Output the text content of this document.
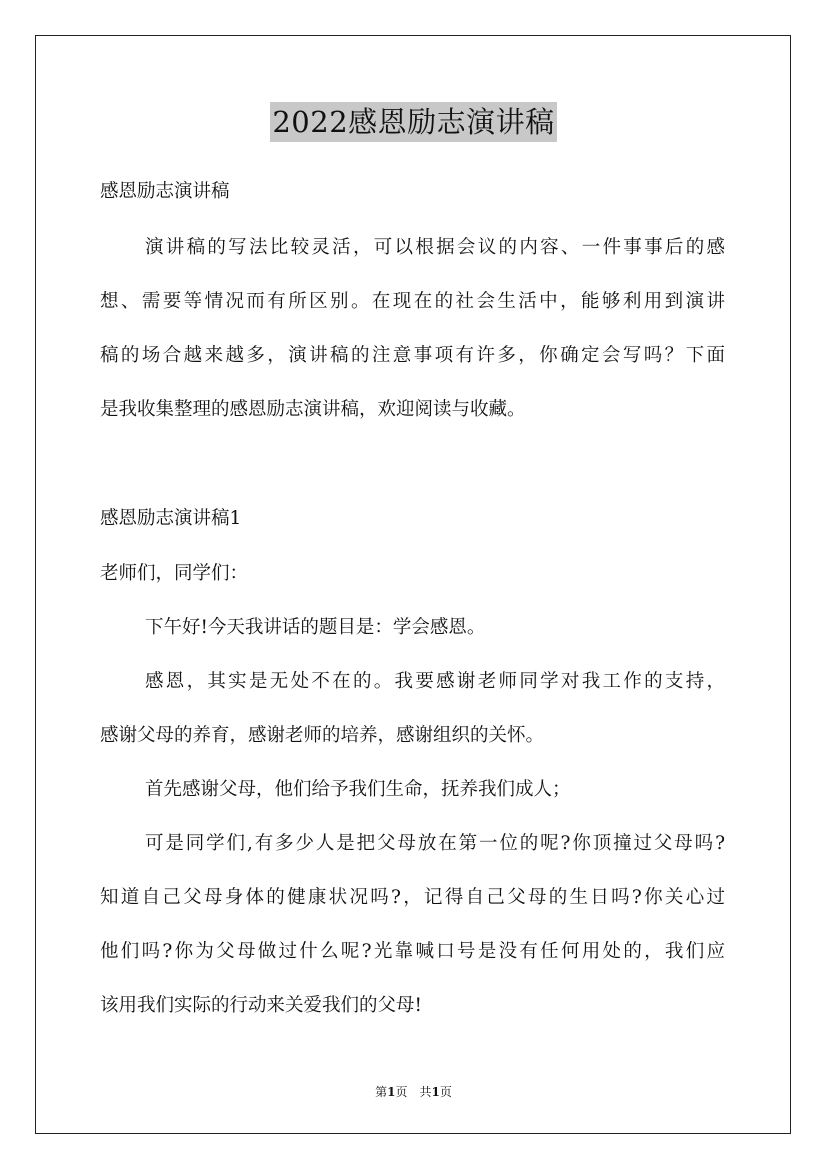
2022感恩励志演讲稿
感恩励志演讲稿
演讲稿的写法比较灵活，可以根据会议的内容、一件事事后的感
想、需要等情况而有所区别。在现在的社会生活中，能够利用到演讲
稿的场合越来越多，演讲稿的注意事项有许多，你确定会写吗？下面
是我收集整理的感恩励志演讲稿，欢迎阅读与收藏。
感恩励志演讲稿1
老师们，同学们：
下午好!今天我讲话的题目是：学会感恩。
感恩，其实是无处不在的。我要感谢老师同学对我工作的支持，
感谢父母的养育，感谢老师的培养，感谢组织的关怀。
首先感谢父母，他们给予我们生命，抚养我们成人；
可是同学们,有多少人是把父母放在第一位的呢?你顶撞过父母吗?
知道自己父母身体的健康状况吗?，记得自己父母的生日吗?你关心过
他们吗?你为父母做过什么呢?光靠喊口号是没有任何用处的，我们应
该用我们实际的行动来关爱我们的父母!
第1页　共1页
